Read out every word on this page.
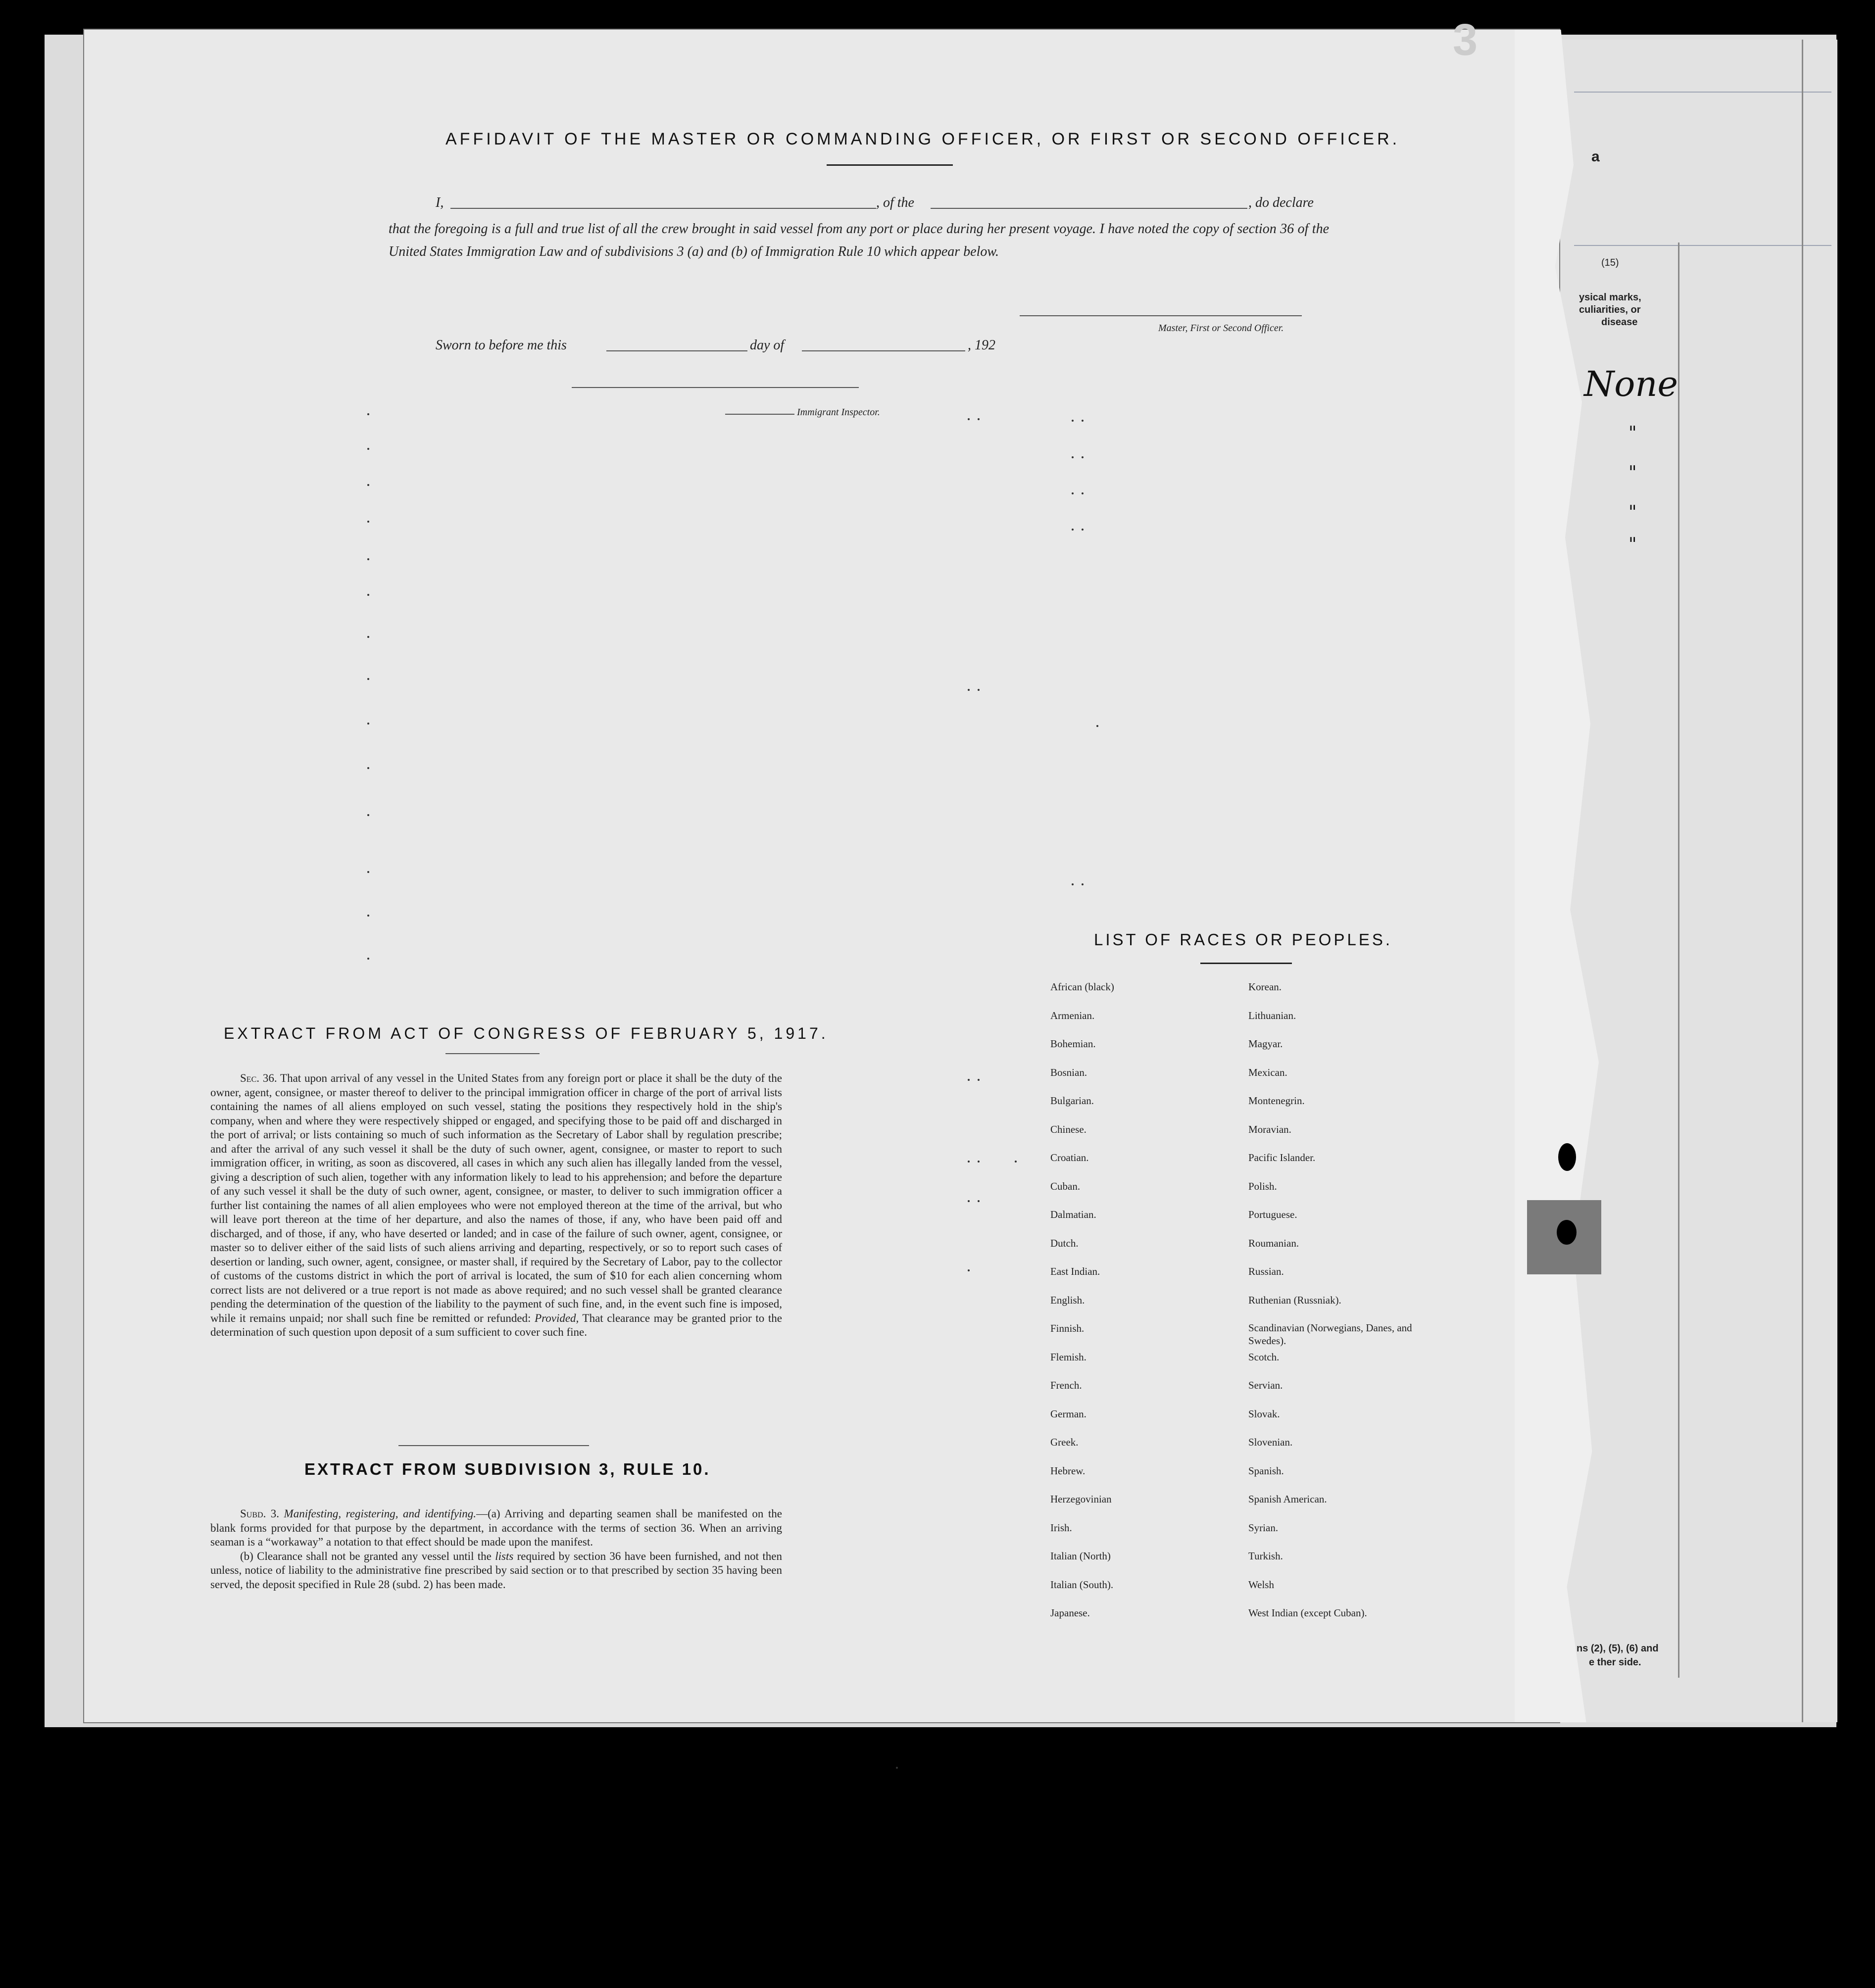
a
(15)
ysical marks,
culiarities, or
disease
None
"
"
"
"
ns (2), (5), (6) and
e ther side.
3
AFFIDAVIT OF THE MASTER OR COMMANDING OFFICER, OR FIRST OR SECOND OFFICER.
I,	, of the	, do declare
that the foregoing is a full and true list of all the crew brought in said vessel from any port or place during her present voyage. I have noted the copy of section 36 of the United States Immigration Law and of subdivisions 3 (a) and (b) of Immigration Rule 10 which appear below.
Master, First or Second Officer.
Sworn to before me this	day of	, 192
Immigrant Inspector.
EXTRACT FROM ACT OF CONGRESS OF FEBRUARY 5, 1917.
Sec. 36. That upon arrival of any vessel in the United States from any foreign port or place it shall be the duty of the owner, agent, consignee, or master thereof to deliver to the principal immigration officer in charge of the port of arrival lists containing the names of all aliens employed on such vessel, stating the positions they respectively hold in the ship's company, when and where they were respectively shipped or engaged, and specifying those to be paid off and discharged in the port of arrival; or lists containing so much of such information as the Secretary of Labor shall by regulation prescribe; and after the arrival of any such vessel it shall be the duty of such owner, agent, consignee, or master to report to such immigration officer, in writing, as soon as discovered, all cases in which any such alien has illegally landed from the vessel, giving a description of such alien, together with any information likely to lead to his apprehension; and before the departure of any such vessel it shall be the duty of such owner, agent, consignee, or master, to deliver to such immigration officer a further list containing the names of all alien employees who were not employed thereon at the time of the arrival, but who will leave port thereon at the time of her departure, and also the names of those, if any, who have been paid off and discharged, and of those, if any, who have deserted or landed; and in case of the failure of such owner, agent, consignee, or master so to deliver either of the said lists of such aliens arriving and departing, respectively, or so to report such cases of desertion or landing, such owner, agent, consignee, or master shall, if required by the Secretary of Labor, pay to the collector of customs of the customs district in which the port of arrival is located, the sum of $10 for each alien concerning whom correct lists are not delivered or a true report is not made as above required; and no such vessel shall be granted clearance pending the determination of the question of the liability to the payment of such fine, and, in the event such fine is imposed, while it remains unpaid; nor shall such fine be remitted or refunded: Provided, That clearance may be granted prior to the determination of such question upon deposit of a sum sufficient to cover such fine.
EXTRACT FROM SUBDIVISION 3, RULE 10.

Subd. 3. Manifesting, registering, and identifying.—(a) Arriving and departing seamen shall be manifested on the blank forms provided for that purpose by the department, in accordance with the terms of section 36. When an arriving seaman is a “workaway” a notation to that effect should be made upon the manifest.

(b) Clearance shall not be granted any vessel until the lists required by section 36 have been furnished, and not then unless, notice of liability to the administrative fine prescribed by said section or to that prescribed by section 35 having been served, the deposit specified in Rule 28 (subd. 2) has been made.

LIST OF RACES OR PEOPLES.
African (black)
Armenian.
Bohemian.
Bosnian.
Bulgarian.
Chinese.
Croatian.
Cuban.
Dalmatian.
Dutch.
East Indian.
English.
Finnish.
Flemish.
French.
German.
Greek.
Hebrew.
Herzegovinian
Irish.
Italian (North)
Italian (South).
Japanese.
Korean.
Lithuanian.
Magyar.
Mexican.
Montenegrin.
Moravian.
Pacific Islander.
Polish.
Portuguese.
Roumanian.
Russian.
Ruthenian (Russniak).
Scandinavian (Norwegians, Danes, and Swedes).
Scotch.
Servian.
Slovak.
Slovenian.
Spanish.
Spanish American.
Syrian.
Turkish.
Welsh
West Indian (except Cuban).
